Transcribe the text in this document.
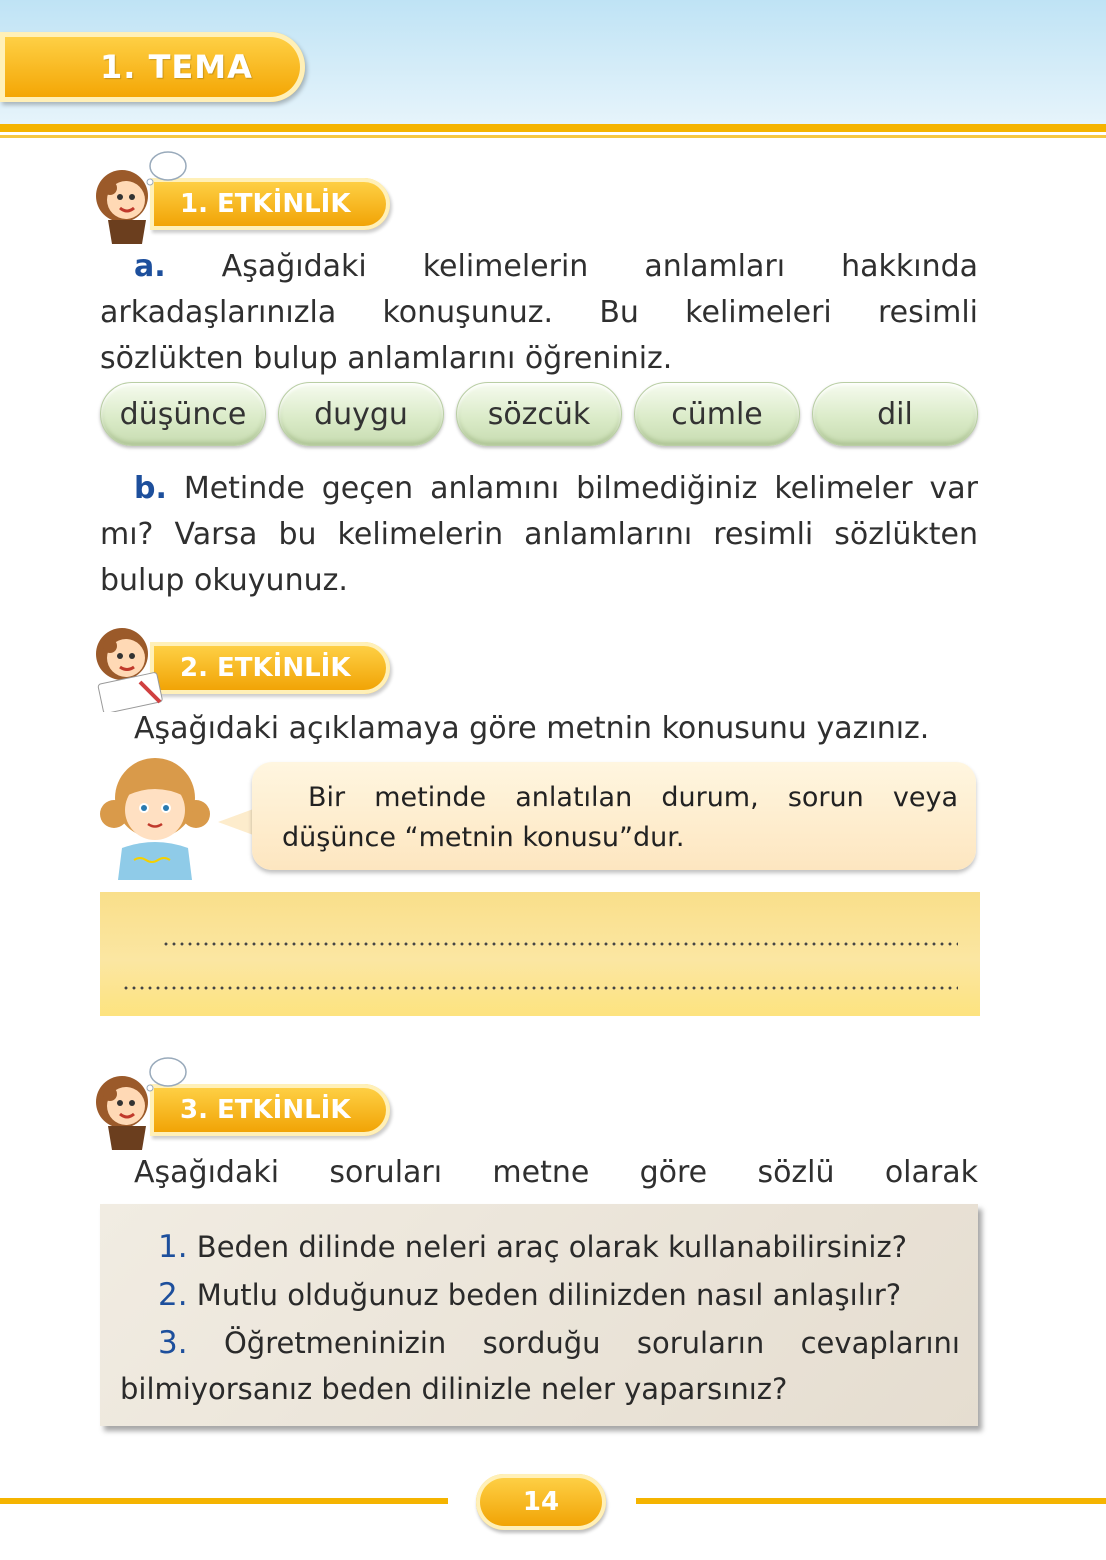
1. TEMA
1. ETKİNLİK
a. Aşağıdaki kelimelerin anlamları hakkında arkadaşlarınızla konuşunuz. Bu kelimeleri resimli sözlükten bulup anlamlarını öğreniniz.
düşünce	duygu	sözcük	cümle	dil
b. Metinde geçen anlamını bilmediğiniz kelimeler var mı? Varsa bu kelimelerin anlamlarını resimli sözlükten bulup okuyunuz.
2. ETKİNLİK
Aşağıdaki açıklamaya göre metnin konusunu yazınız.
Bir metinde anlatılan durum, sorun veya düşünce “metnin konusu”dur.
3. ETKİNLİK
Aşağıdaki soruları metne göre sözlü olarak
1. Beden dilinde neleri araç olarak kullanabilirsiniz?
2. Mutlu olduğunuz beden dilinizden nasıl anlaşılır?
3. Öğretmeninizin sorduğu soruların cevaplarını bilmiyorsanız beden dilinizle neler yaparsınız?
14
